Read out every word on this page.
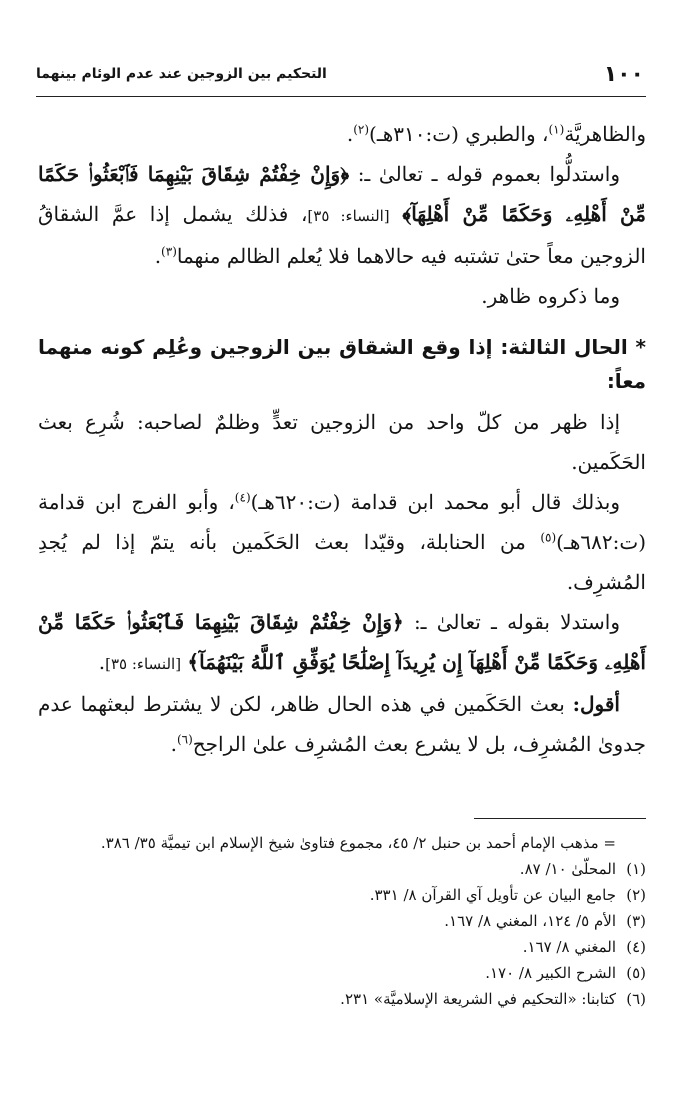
١٠٠
التحكيم بين الزوجين عند عدم الوئام بينهما

والظاهريَّة$^{(١)}$، والطبري (ت:٣١٠هـ)$^{(٢)}$.

واستدلُّوا بعموم قوله ـ تعالىٰ ـ: ﴿وَإِنْ خِفْتُمْ شِقَاقَ بَيْنِهِمَا فَٱبْعَثُوا۟ حَكَمًا مِّنْ أَهْلِهِۦ وَحَكَمًا مِّنْ أَهْلِهَآ﴾ [النساء: ٣٥]، فذلك يشمل إذا عمَّ الشقاقُ الزوجين معاً حتىٰ تشتبه فيه حالاهما فلا يُعلم الظالم منهما$^{(٣)}$.

وما ذكروه ظاهر.

* الحال الثالثة: إذا وقع الشقاق بين الزوجين وعُلِم كونه منهما معاً:

إذا ظهر من كلّ واحد من الزوجين تعدٍّ وظلمٌ لصاحبه: شُرِع بعث الحَكَمين.

وبذلك قال أبو محمد ابن قدامة (ت:٦٢٠هـ)$^{(٤)}$، وأبو الفرج ابن قدامة (ت:٦٨٢هـ)$^{(٥)}$ من الحنابلة، وقيّدا بعث الحَكَمين بأنه يتمّ إذا لم يُجدِ المُشرِف.

واستدلا بقوله ـ تعالىٰ ـ: ﴿وَإِنْ خِفْتُمْ شِقَاقَ بَيْنِهِمَا فَٱبْعَثُوا۟ حَكَمًا مِّنْ أَهْلِهِۦ وَحَكَمًا مِّنْ أَهْلِهَآ إِن يُرِيدَآ إِصْلَٰحًا يُوَفِّقِ ٱللَّهُ بَيْنَهُمَآ﴾ [النساء: ٣٥].

أقول: بعث الحَكَمين في هذه الحال ظاهر، لكن لا يشترط لبعثهما عدم جدوىٰ المُشرِف، بل لا يشرع بعث المُشرِف علىٰ الراجح$^{(٦)}$.

= مذهب الإمام أحمد بن حنبل ٢/ ٤٥، مجموع فتاوىٰ شيخ الإسلام ابن تيميَّة ٣٥/ ٣٨٦.

(١)المحلّىٰ ١٠/ ٨٧.

(٢)جامع البيان عن تأويل آي القرآن ٨/ ٣٣١.

(٣)الأم ٥/ ١٢٤، المغني ٨/ ١٦٧.

(٤)المغني ٨/ ١٦٧.

(٥)الشرح الكبير ٨/ ١٧٠.

(٦)كتابنا: «التحكيم في الشريعة الإسلاميَّة» ٢٣١.
